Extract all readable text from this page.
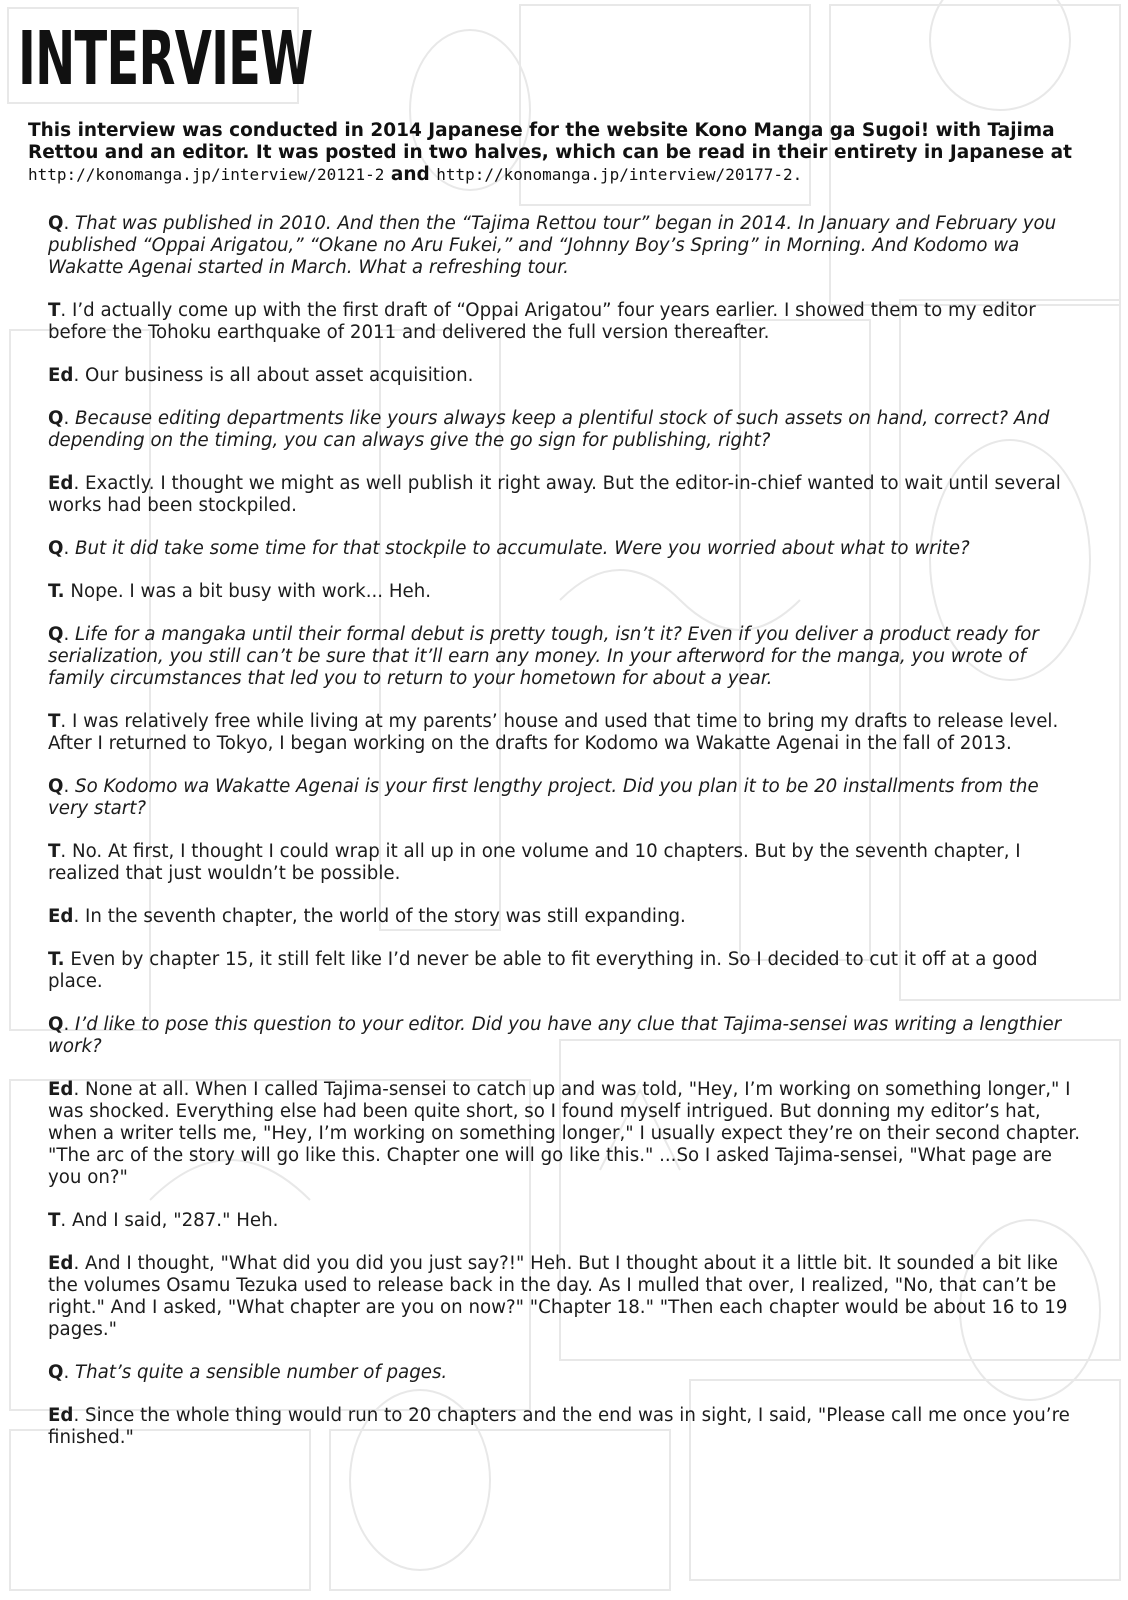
INTERVIEW
This interview was conducted in 2014 Japanese for the website Kono Manga ga Sugoi! with Tajima Rettou and an editor. It was posted in two halves, which can be read in their entirety in Japanese at http://konomanga.jp/interview/20121-2 and http://konomanga.jp/interview/20177-2.
Q. That was published in 2010. And then the “Tajima Rettou tour” began in 2014. In January and February you published “Oppai Arigatou,” “Okane no Aru Fukei,” and “Johnny Boy’s Spring” in Morning. And Kodomo wa Wakatte Agenai started in March. What a refreshing tour.
T. I’d actually come up with the first draft of “Oppai Arigatou” four years earlier. I showed them to my editor before the Tohoku earthquake of 2011 and delivered the full version thereafter.
Ed. Our business is all about asset acquisition.
Q. Because editing departments like yours always keep a plentiful stock of such assets on hand, correct? And depending on the timing, you can always give the go sign for publishing, right?
Ed. Exactly. I thought we might as well publish it right away. But the editor-in-chief wanted to wait until several works had been stockpiled.
Q. But it did take some time for that stockpile to accumulate. Were you worried about what to write?
T. Nope. I was a bit busy with work... Heh.
Q. Life for a mangaka until their formal debut is pretty tough, isn’t it? Even if you deliver a product ready for serialization, you still can’t be sure that it’ll earn any money. In your afterword for the manga, you wrote of family circumstances that led you to return to your hometown for about a year.
T. I was relatively free while living at my parents’ house and used that time to bring my drafts to release level. After I returned to Tokyo, I began working on the drafts for Kodomo wa Wakatte Agenai in the fall of 2013.
Q. So Kodomo wa Wakatte Agenai is your first lengthy project. Did you plan it to be 20 installments from the very start?
T. No. At first, I thought I could wrap it all up in one volume and 10 chapters. But by the seventh chapter, I realized that just wouldn’t be possible.
Ed. In the seventh chapter, the world of the story was still expanding.
T. Even by chapter 15, it still felt like I’d never be able to fit everything in. So I decided to cut it off at a good place.
Q. I’d like to pose this question to your editor. Did you have any clue that Tajima-sensei was writing a lengthier work?
Ed. None at all. When I called Tajima-sensei to catch up and was told, "Hey, I’m working on something longer," I was shocked. Everything else had been quite short, so I found myself intrigued. But donning my editor’s hat, when a writer tells me, "Hey, I’m working on something longer," I usually expect they’re on their second chapter. "The arc of the story will go like this. Chapter one will go like this." ...So I asked Tajima-sensei, "What page are you on?"
T. And I said, "287." Heh.
Ed. And I thought, "What did you did you just say?!" Heh. But I thought about it a little bit. It sounded a bit like the volumes Osamu Tezuka used to release back in the day. As I mulled that over, I realized, "No, that can’t be right." And I asked, "What chapter are you on now?" "Chapter 18." "Then each chapter would be about 16 to 19 pages."
Q. That’s quite a sensible number of pages.
Ed. Since the whole thing would run to 20 chapters and the end was in sight, I said, "Please call me once you’re finished."
